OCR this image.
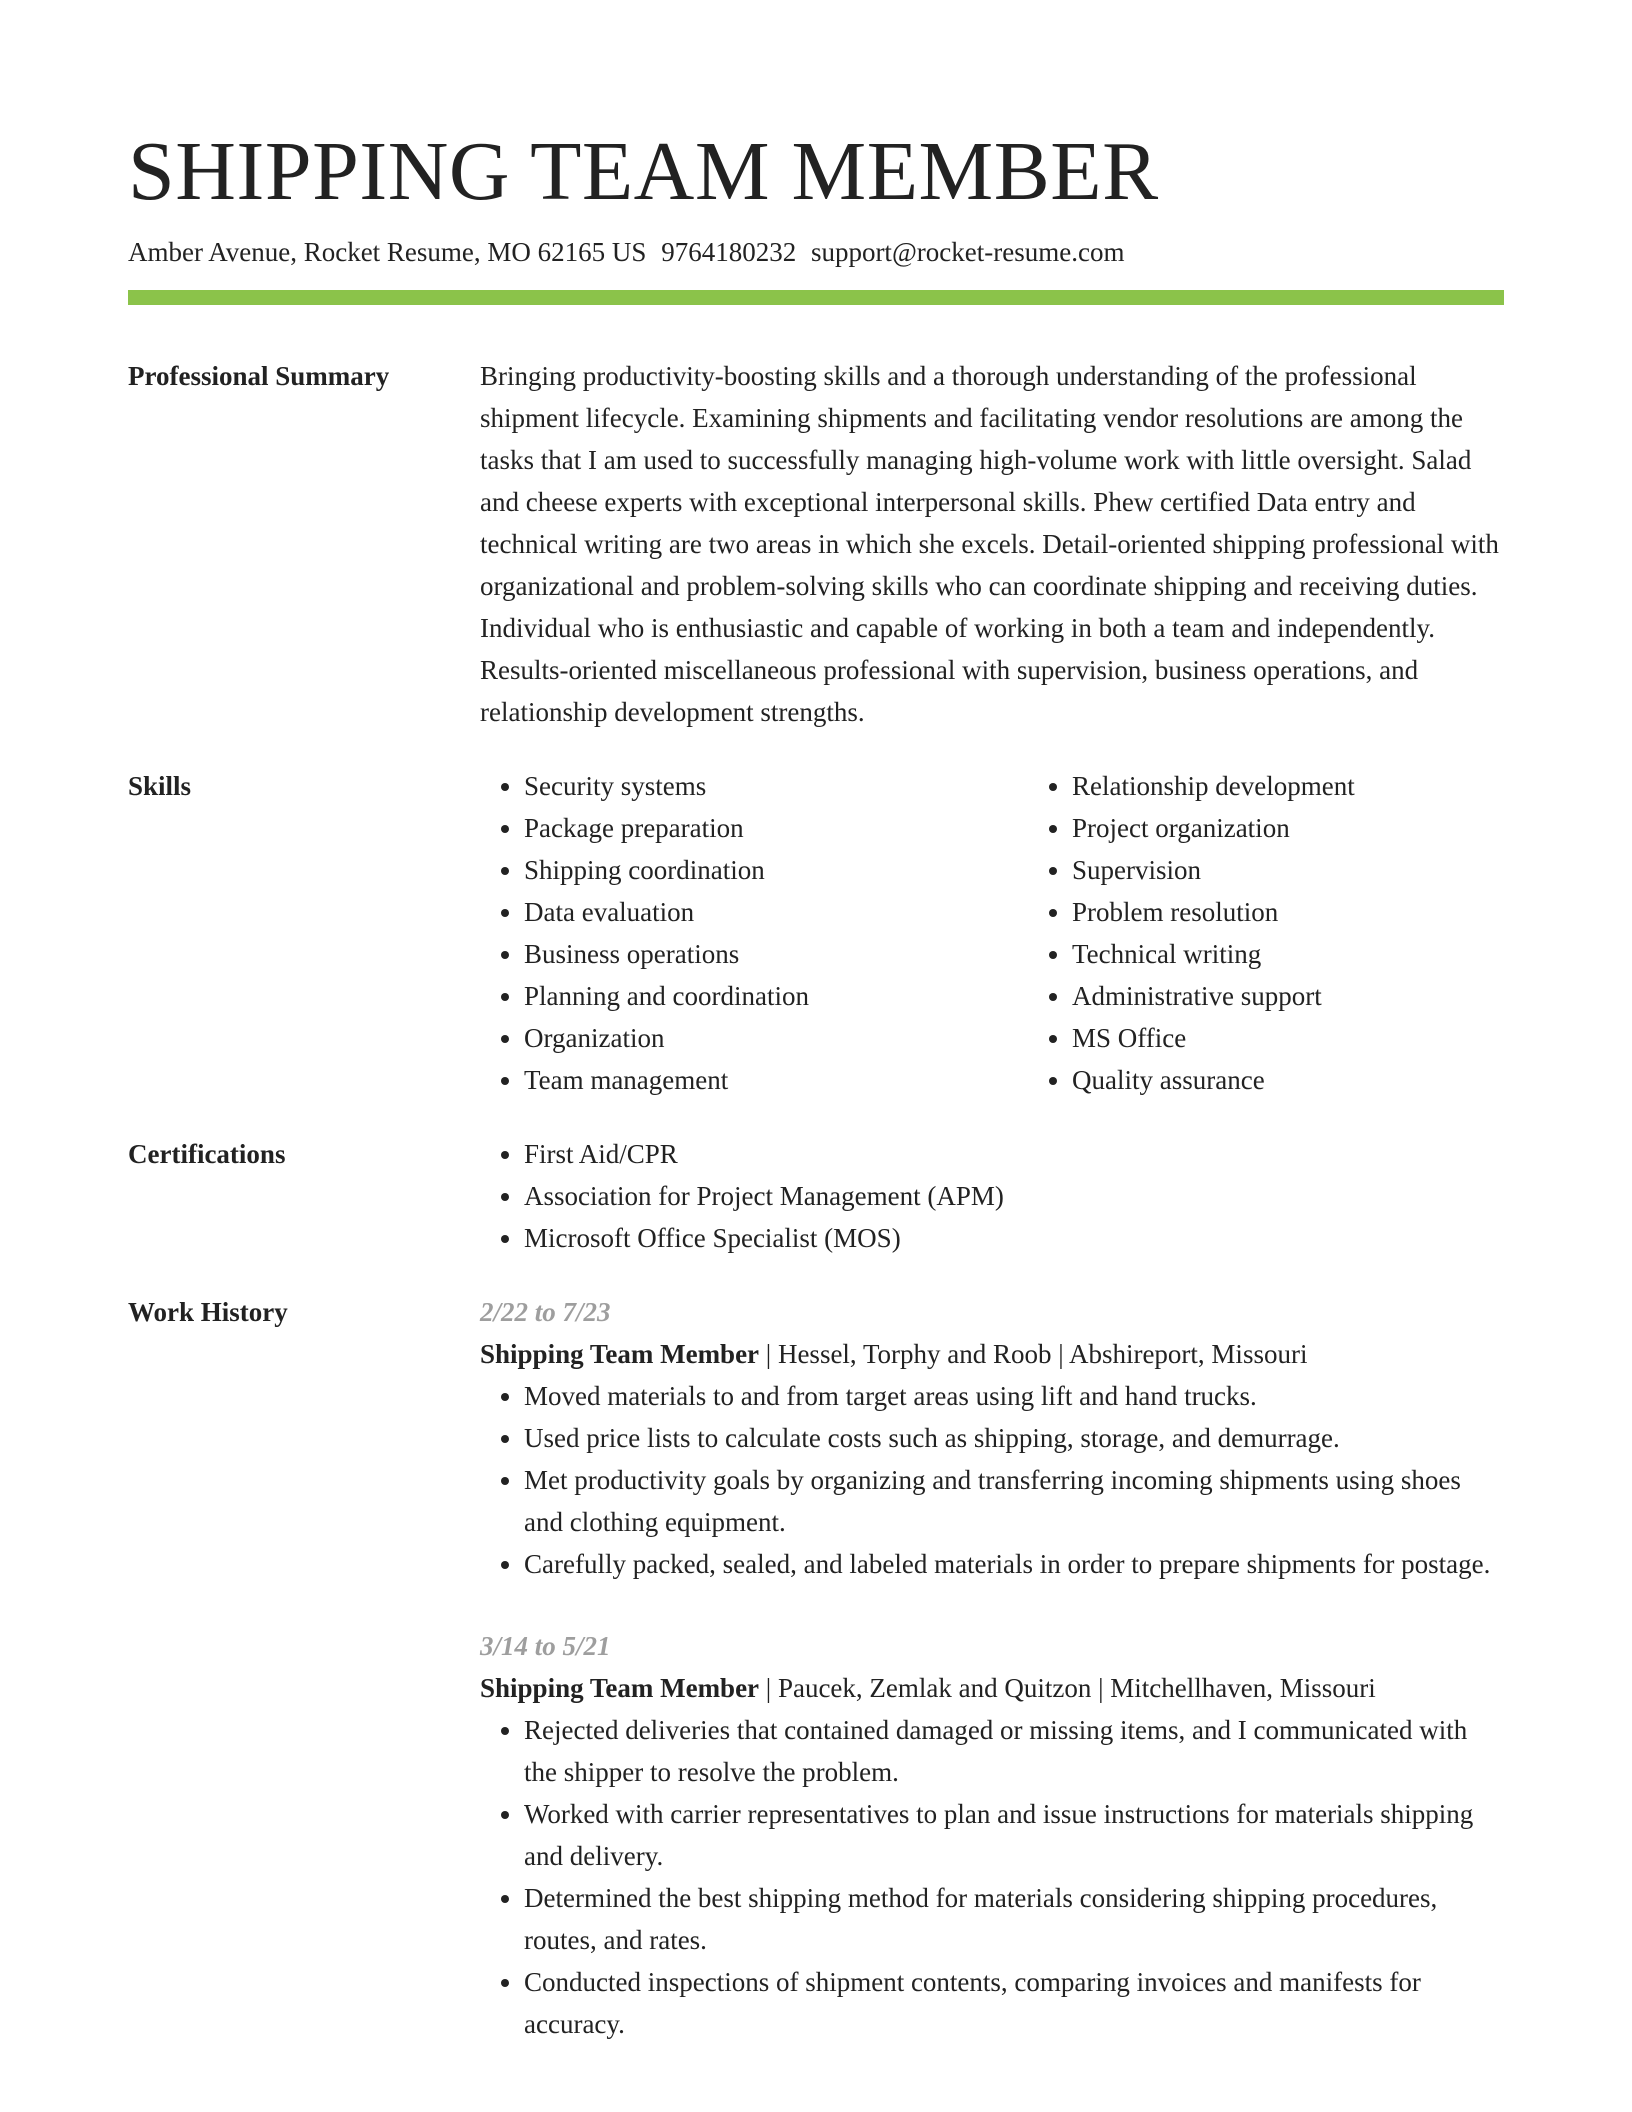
SHIPPING TEAM MEMBER
Amber Avenue, Rocket Resume, MO 62165 US 9764180232 support@rocket-resume.com
Professional Summary	Bringing productivity-boosting skills and a thorough understanding of the professional shipment lifecycle. Examining shipments and facilitating vendor resolutions are among the tasks that I am used to successfully managing high-volume work with little oversight. Salad and cheese experts with exceptional interpersonal skills. Phew certified Data entry and technical writing are two areas in which she excels. Detail-oriented shipping professional with organizational and problem-solving skills who can coordinate shipping and receiving duties. Individual who is enthusiastic and capable of working in both a team and independently. Results-oriented miscellaneous professional with supervision, business operations, and relationship development strengths.

Skills	• Security systems
• Package preparation
• Shipping coordination
• Data evaluation
• Business operations
• Planning and coordination
• Organization
• Team management
• Relationship development
• Project organization
• Supervision
• Problem resolution
• Technical writing
• Administrative support
• MS Office
• Quality assurance
Certifications	• First Aid/CPR
• Association for Project Management (APM)
• Microsoft Office Specialist (MOS)
Work History	2/22 to 7/23
Shipping Team Member | Hessel, Torphy and Roob | Abshireport, Missouri
• Moved materials to and from target areas using lift and hand trucks.
• Used price lists to calculate costs such as shipping, storage, and demurrage.
• Met productivity goals by organizing and transferring incoming shipments using shoes and clothing equipment.
• Carefully packed, sealed, and labeled materials in order to prepare shipments for postage.
3/14 to 5/21
Shipping Team Member | Paucek, Zemlak and Quitzon | Mitchellhaven, Missouri
• Rejected deliveries that contained damaged or missing items, and I communicated with the shipper to resolve the problem.
• Worked with carrier representatives to plan and issue instructions for materials shipping and delivery.
• Determined the best shipping method for materials considering shipping procedures, routes, and rates.
• Conducted inspections of shipment contents, comparing invoices and manifests for accuracy.
